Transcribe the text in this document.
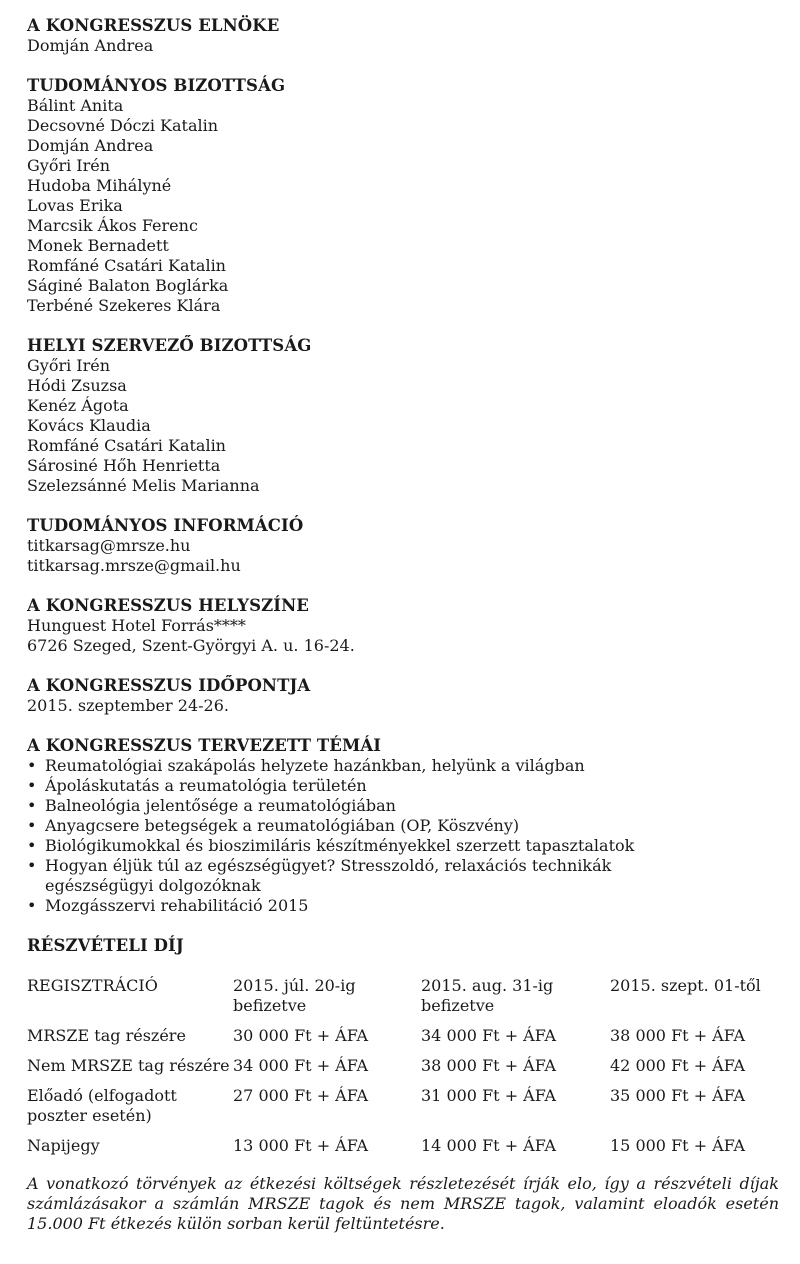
A KONGRESSZUS ELNÖKE
Domján Andrea
TUDOMÁNYOS BIZOTTSÁG
Bálint Anita
Decsovné Dóczi Katalin
Domján Andrea
Győri Irén
Hudoba Mihályné
Lovas Erika
Marcsik Ákos Ferenc
Monek Bernadett
Romfáné Csatári Katalin
Ságiné Balaton Boglárka
Terbéné Szekeres Klára
HELYI SZERVEZŐ BIZOTTSÁG
Győri Irén
Hódi Zsuzsa
Kenéz Ágota
Kovács Klaudia
Romfáné Csatári Katalin
Sárosiné Hőh Henrietta
Szelezsánné Melis Marianna
TUDOMÁNYOS INFORMÁCIÓ
titkarsag@mrsze.hu
titkarsag.mrsze@gmail.hu
A KONGRESSZUS HELYSZÍNE
Hunguest Hotel Forrás****
6726 Szeged, Szent-Györgyi A. u. 16-24.
A KONGRESSZUS IDŐPONTJA
2015. szeptember 24-26.
A KONGRESSZUS TERVEZETT TÉMÁI
• Reumatológiai szakápolás helyzete hazánkban, helyünk a világban
• Ápoláskutatás a reumatológia területén
• Balneológia jelentősége a reumatológiában
• Anyagcsere betegségek a reumatológiában (OP, Köszvény)
• Biológikumokkal és bioszimiláris készítményekkel szerzett tapasztalatok
• Hogyan éljük túl az egészségügyet? Stresszoldó, relaxációs technikák egészségügyi dolgozóknak
• Mozgásszervi rehabilitáció 2015
RÉSZVÉTELI DÍJ
REGISZTRÁCIÓ	2015. júl. 20-ig befizetve	2015. aug. 31-ig befizetve	2015. szept. 01-től
MRSZE tag részére	30 000 Ft + ÁFA	34 000 Ft + ÁFA	38 000 Ft + ÁFA
Nem MRSZE tag részére	34 000 Ft + ÁFA	38 000 Ft + ÁFA	42 000 Ft + ÁFA
Előadó (elfogadott poszter esetén)	27 000 Ft + ÁFA	31 000 Ft + ÁFA	35 000 Ft + ÁFA
Napijegy	13 000 Ft + ÁFA	14 000 Ft + ÁFA	15 000 Ft + ÁFA
A vonatkozó törvények az étkezési költségek részletezését írják elo, így a részvételi díjak számlázásakor a számlán MRSZE tagok és nem MRSZE tagok, valamint eloadók esetén 15.000 Ft étkezés külön sorban kerül feltüntetésre.
